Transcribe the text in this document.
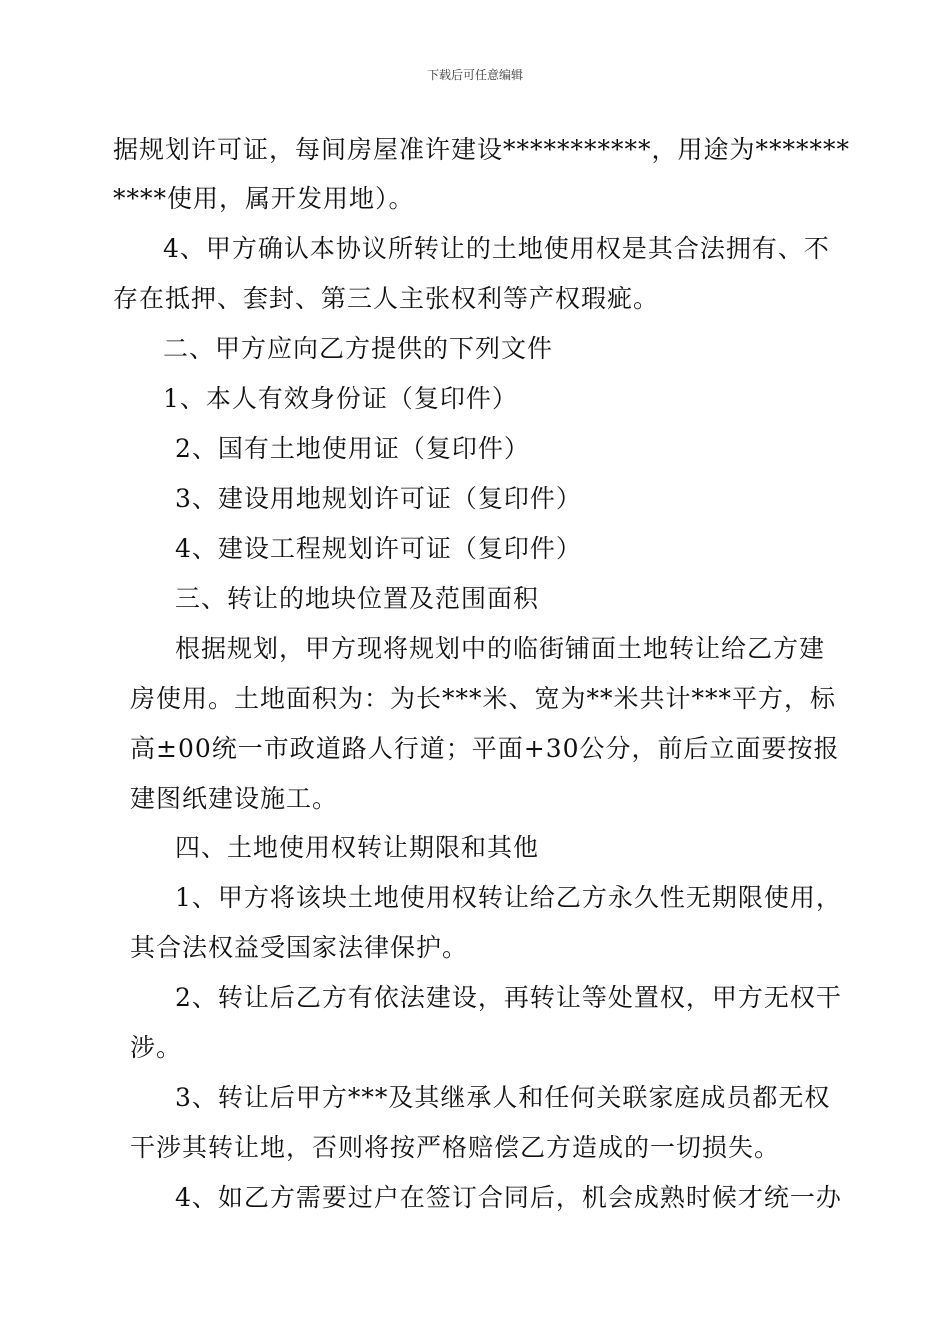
下载后可任意编辑
据规划许可证，每间房屋准许建设***********，用途为*******
****使用，属开发用地）。
4、甲方确认本协议所转让的土地使用权是其合法拥有、不
存在抵押、套封、第三人主张权利等产权瑕疵。
二、甲方应向乙方提供的下列文件
1、本人有效身份证（复印件）
2、国有土地使用证（复印件）
3、建设用地规划许可证（复印件）
4、建设工程规划许可证（复印件）
三、转让的地块位置及范围面积
根据规划，甲方现将规划中的临街铺面土地转让给乙方建
房使用。土地面积为：为长***米、宽为**米共计***平方，标
高±00统一市政道路人行道；平面+30公分，前后立面要按报
建图纸建设施工。
四、土地使用权转让期限和其他
1、甲方将该块土地使用权转让给乙方永久性无期限使用，
其合法权益受国家法律保护。
2、转让后乙方有依法建设，再转让等处置权，甲方无权干
涉。
3、转让后甲方***及其继承人和任何关联家庭成员都无权
干涉其转让地，否则将按严格赔偿乙方造成的一切损失。
4、如乙方需要过户在签订合同后，机会成熟时候才统一办
